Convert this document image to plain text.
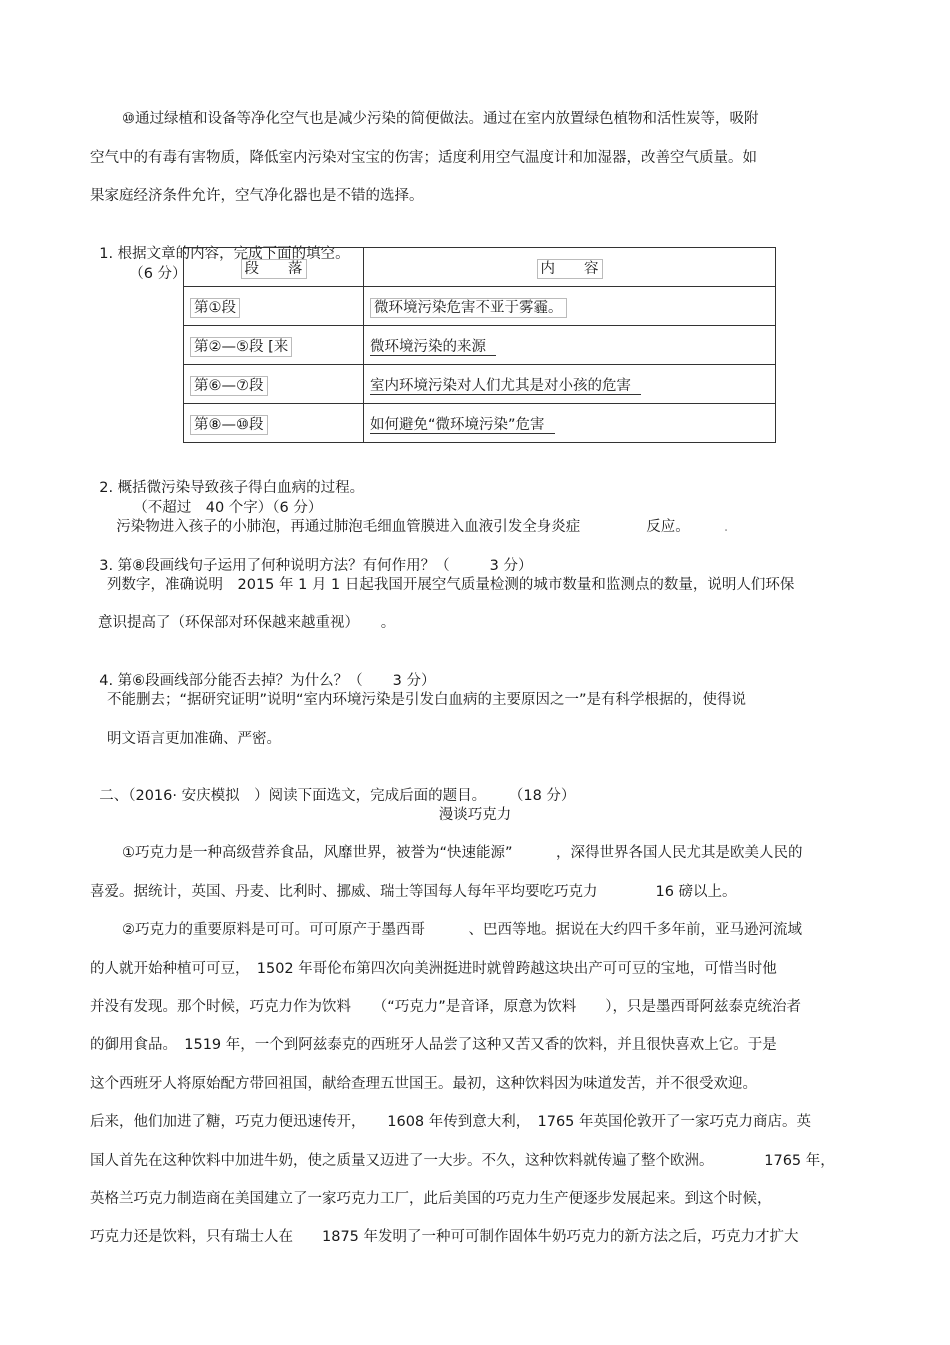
⑩通过绿植和设备等净化空气也是减少污染的简便做法。通过在室内放置绿色植物和活性炭等，吸附
空气中的有毒有害物质，降低室内污染对宝宝的伤害；适度利用空气温度计和加湿器，改善空气质量。如
果家庭经济条件允许，空气净化器也是不错的选择。

1. 根据文章的内容，完成下面的填空。
（6 分）	段　　落	内　　容
第①段	微环境污染危害不亚于雾霾。
第②—⑤段 [来	微环境污染的来源
第⑥—⑦段	室内环境污染对人们尤其是对小孩的危害
第⑧—⑩段	如何避免“微环境污染”危害

2. 概括微污染导致孩子得白血病的过程。
（不超过　40 个字）（6 分）

污染物进入孩子的小肺泡，再通过肺泡毛细血管膜进入血液引发全身炎症	反应。 .

3. 第⑧段画线句子运用了何种说明方法？有何作用？（	3 分）

列数字，准确说明　2015 年 1 月 1 日起我国开展空气质量检测的城市数量和监测点的数量，说明人们环保
意识提高了（环保部对环保越来越重视）　　。

4. 第⑥段画线部分能否去掉？为什么？（ 3 分）

不能删去；“据研究证明”说明“室内环境污染是引发白血病的主要原因之一”是有科学根据的，使得说
明文语言更加准确、严密。

二、（2016· 安庆模拟　）阅读下面选文，完成后面的题目。 （18 分）

漫谈巧克力
①巧克力是一种高级营养食品，风靡世界，被誉为“快速能源”　　　，深得世界各国人民尤其是欧美人民的
喜爱。据统计，英国、丹麦、比利时、挪威、瑞士等国每人每年平均要吃巧克力　　　　16 磅以上。
②巧克力的重要原料是可可。可可原产于墨西哥　　　、巴西等地。据说在大约四千多年前，亚马逊河流域
的人就开始种植可可豆，　1502 年哥伦布第四次向美洲挺进时就曾跨越这块出产可可豆的宝地，可惜当时他
并没有发现。那个时候，巧克力作为饮料　　（“巧克力”是音译，原意为饮料　　），只是墨西哥阿兹泰克统治者
的御用食品。　1519 年，一个到阿兹泰克的西班牙人品尝了这种又苦又香的饮料，并且很快喜欢上它。于是
这个西班牙人将原始配方带回祖国，献给查理五世国王。最初，这种饮料因为味道发苦，并不很受欢迎。
后来，他们加进了糖，巧克力便迅速传开，　　1608 年传到意大利，　1765 年英国伦敦开了一家巧克力商店。英
国人首先在这种饮料中加进牛奶，使之质量又迈进了一大步。不久，这种饮料就传遍了整个欧洲。　　　　1765 年，
英格兰巧克力制造商在美国建立了一家巧克力工厂，此后美国的巧克力生产便逐步发展起来。到这个时候，
巧克力还是饮料，只有瑞士人在　　1875 年发明了一种可可制作固体牛奶巧克力的新方法之后，巧克力才扩大
